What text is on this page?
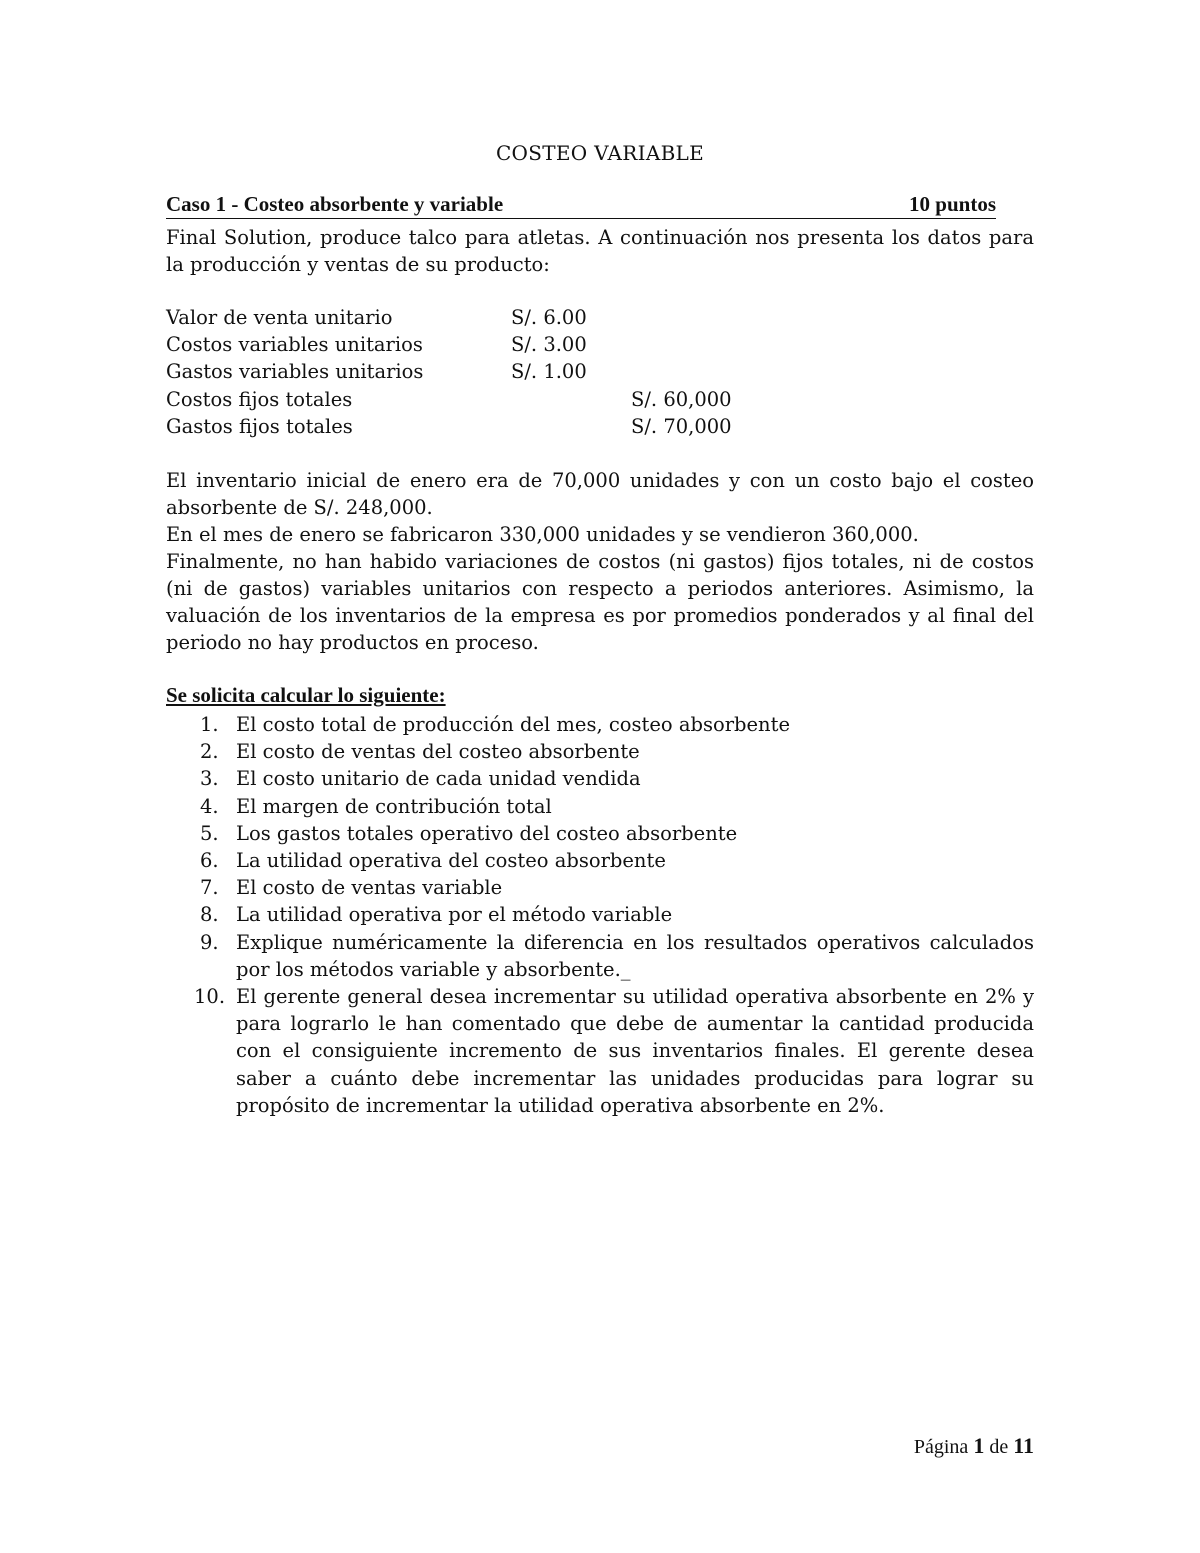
COSTEO VARIABLE
Caso 1 - Costeo absorbente y variable	10 puntos
Final Solution, produce talco para atletas. A continuación nos presenta los datos para la producción y ventas de su producto:
Valor de venta unitario	S/. 6.00
Costos variables unitarios	S/. 3.00
Gastos variables unitarios	S/. 1.00
Costos fijos totales	S/. 60,000
Gastos fijos totales	S/. 70,000

El inventario inicial de enero era de 70,000 unidades y con un costo bajo el costeo absorbente de S/. 248,000.

En el mes de enero se fabricaron 330,000 unidades y se vendieron 360,000.

Finalmente, no han habido variaciones de costos (ni gastos) fijos totales, ni de costos (ni de gastos) variables unitarios con respecto a periodos anteriores. Asimismo, la valuación de los inventarios de la empresa es por promedios ponderados y al final del periodo no hay productos en proceso.

Se solicita calcular lo siguiente:
1. El costo total de producción del mes, costeo absorbente
2. El costo de ventas del costeo absorbente
3. El costo unitario de cada unidad vendida
4. El margen de contribución total
5. Los gastos totales operativo del costeo absorbente
6. La utilidad operativa del costeo absorbente
7. El costo de ventas variable
8. La utilidad operativa por el método variable
9. Explique numéricamente la diferencia en los resultados operativos calculados por los métodos variable y absorbente._
10. El gerente general desea incrementar su utilidad operativa absorbente en 2% y para lograrlo le han comentado que debe de aumentar la cantidad producida con el consiguiente incremento de sus inventarios finales. El gerente desea saber a cuánto debe incrementar las unidades producidas para lograr su propósito de incrementar la utilidad operativa absorbente en 2%.
Página 1 de 11
